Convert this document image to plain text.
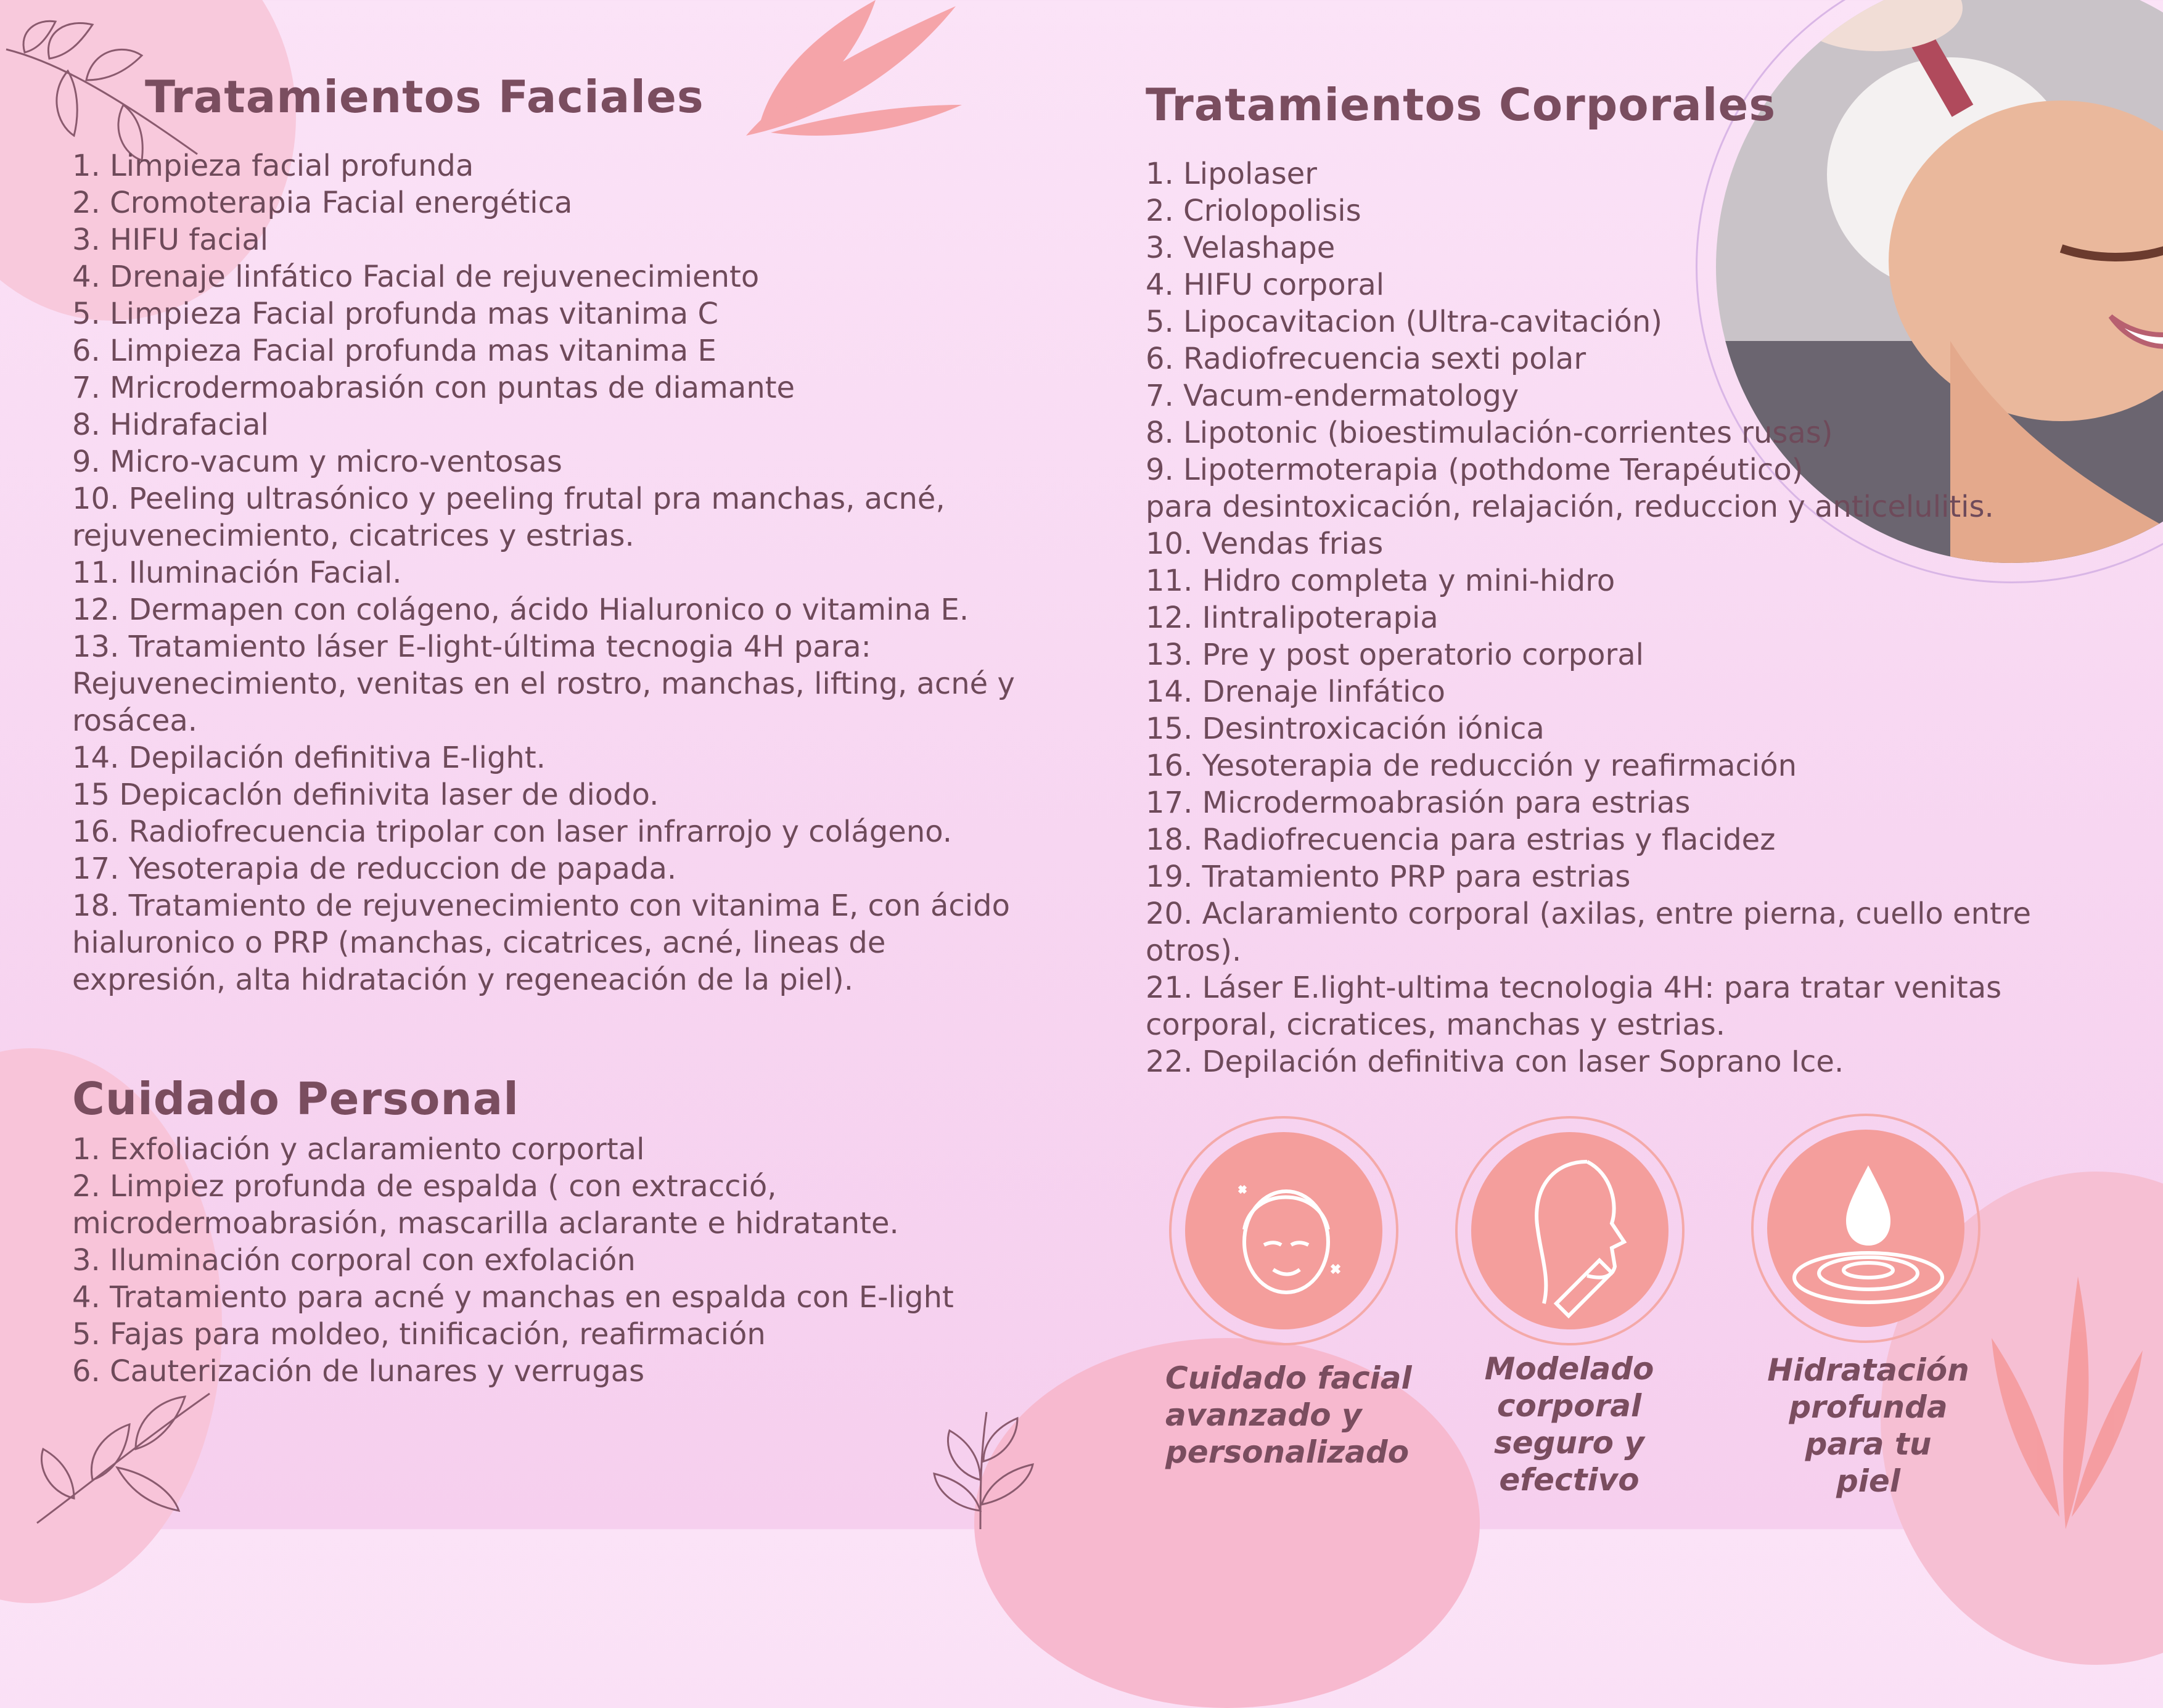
Tratamientos Faciales
1. Limpieza facial profunda
2. Cromoterapia Facial energética
3. HIFU facial
4. Drenaje linfático Facial de rejuvenecimiento
5. Limpieza Facial profunda mas vitanima C
6. Limpieza Facial profunda mas vitanima E
7. Mricrodermoabrasión con puntas de diamante
8. Hidrafacial
9. Micro-vacum y micro-ventosas
10. Peeling ultrasónico y peeling frutal pra manchas, acné,
rejuvenecimiento, cicatrices y estrias.
11. Iluminación Facial.
12. Dermapen con colágeno, ácido Hialuronico o vitamina E.
13. Tratamiento láser E-light-última tecnogia 4H para:
Rejuvenecimiento, venitas en el rostro, manchas, lifting, acné y
rosácea.
14. Depilación definitiva E-light.
15 Depicaclón definivita laser de diodo.
16. Radiofrecuencia tripolar con laser infrarrojo y colágeno.
17. Yesoterapia de reduccion de papada.
18. Tratamiento de rejuvenecimiento con vitanima E, con ácido
hialuronico o PRP (manchas, cicatrices, acné, lineas de
expresión, alta hidratación y regeneación de la piel).
Cuidado Personal
1. Exfoliación y aclaramiento corportal
2. Limpiez profunda de espalda ( con extracció,
microdermoabrasión, mascarilla aclarante e hidratante.
3. Iluminación corporal con exfolación
4. Tratamiento para acné y manchas en espalda con E-light
5. Fajas para moldeo, tinificación, reafirmación
6. Cauterización de lunares y verrugas
Tratamientos Corporales
1. Lipolaser
2. Criolopolisis
3. Velashape
4. HIFU corporal
5. Lipocavitacion (Ultra-cavitación)
6. Radiofrecuencia sexti polar
7. Vacum-endermatology
8. Lipotonic (bioestimulación-corrientes rusas)
9. Lipotermoterapia (pothdome Terapéutico)
para desintoxicación, relajación, reduccion y anticelulitis.
10. Vendas frias
11. Hidro completa y mini-hidro
12. Iintralipoterapia
13. Pre y post operatorio corporal
14. Drenaje linfático
15. Desintroxicación iónica
16. Yesoterapia de reducción y reafirmación
17. Microdermoabrasión para estrias
18. Radiofrecuencia para estrias y flacidez
19. Tratamiento PRP para estrias
20. Aclaramiento corporal (axilas, entre pierna, cuello entre
otros).
21. Láser E.light-ultima tecnologia 4H: para tratar venitas
corporal, cicratices, manchas y estrias.
22. Depilación definitiva con laser Soprano Ice.
Cuidado facial
avanzado y
personalizado
Modelado
corporal
seguro y
efectivo
Hidratación
profunda
para tu
piel
